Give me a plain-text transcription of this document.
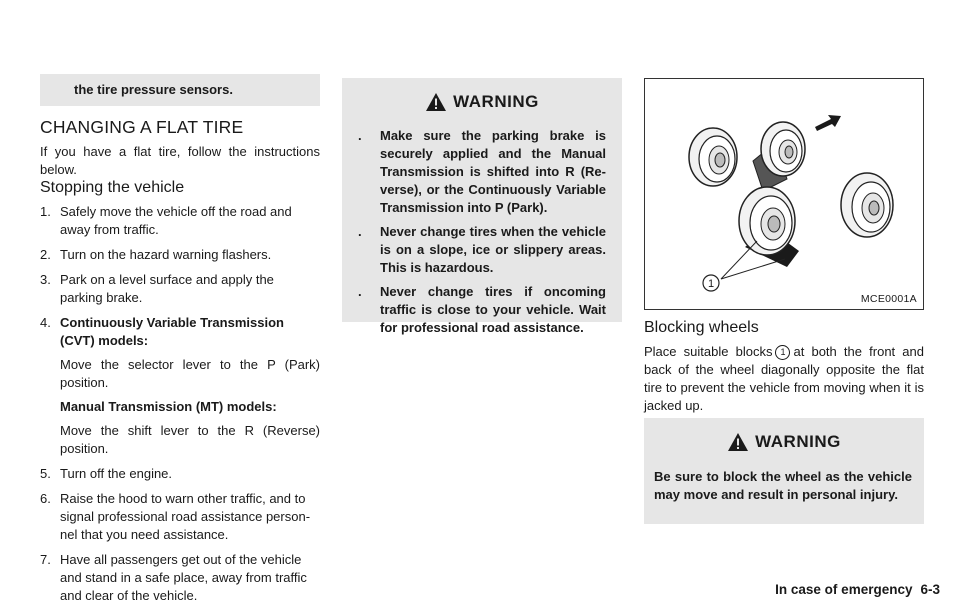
the tire pressure sensors.
CHANGING A FLAT TIRE

If you have a flat tire, follow the instructions below.

Stopping the vehicle
1. Safely move the vehicle off the road and away from traffic.
2. Turn on the hazard warning flashers.
3. Park on a level surface and apply the parking brake.
4. Continuously Variable Transmission (CVT) models:

Move the selector lever to the P (Park) position.

Manual Transmission (MT) models:

Move the shift lever to the R (Reverse) position.

5. Turn off the engine.
6. Raise the hood to warn other traffic, and to signal professional road assistance person-nel that you need assistance.
7. Have all passengers get out of the vehicle and stand in a safe place, away from traffic and clear of the vehicle.
WARNING
. Make sure the parking brake is securely applied and the Manual Transmission is shifted into R (Re-verse), or the Continuously Variable Transmission into P (Park).
. Never change tires when the vehicle is on a slope, ice or slippery areas. This is hazardous.
. Never change tires if oncoming traffic is close to your vehicle. Wait for professional road assistance.
1
MCE0001A
Blocking wheels

Place suitable blocks 1 at both the front and back of the wheel diagonally opposite the flat tire to prevent the vehicle from moving when it is jacked up.

WARNING

Be sure to block the wheel as the vehicle may move and result in personal injury.

In case of emergency 6-3
